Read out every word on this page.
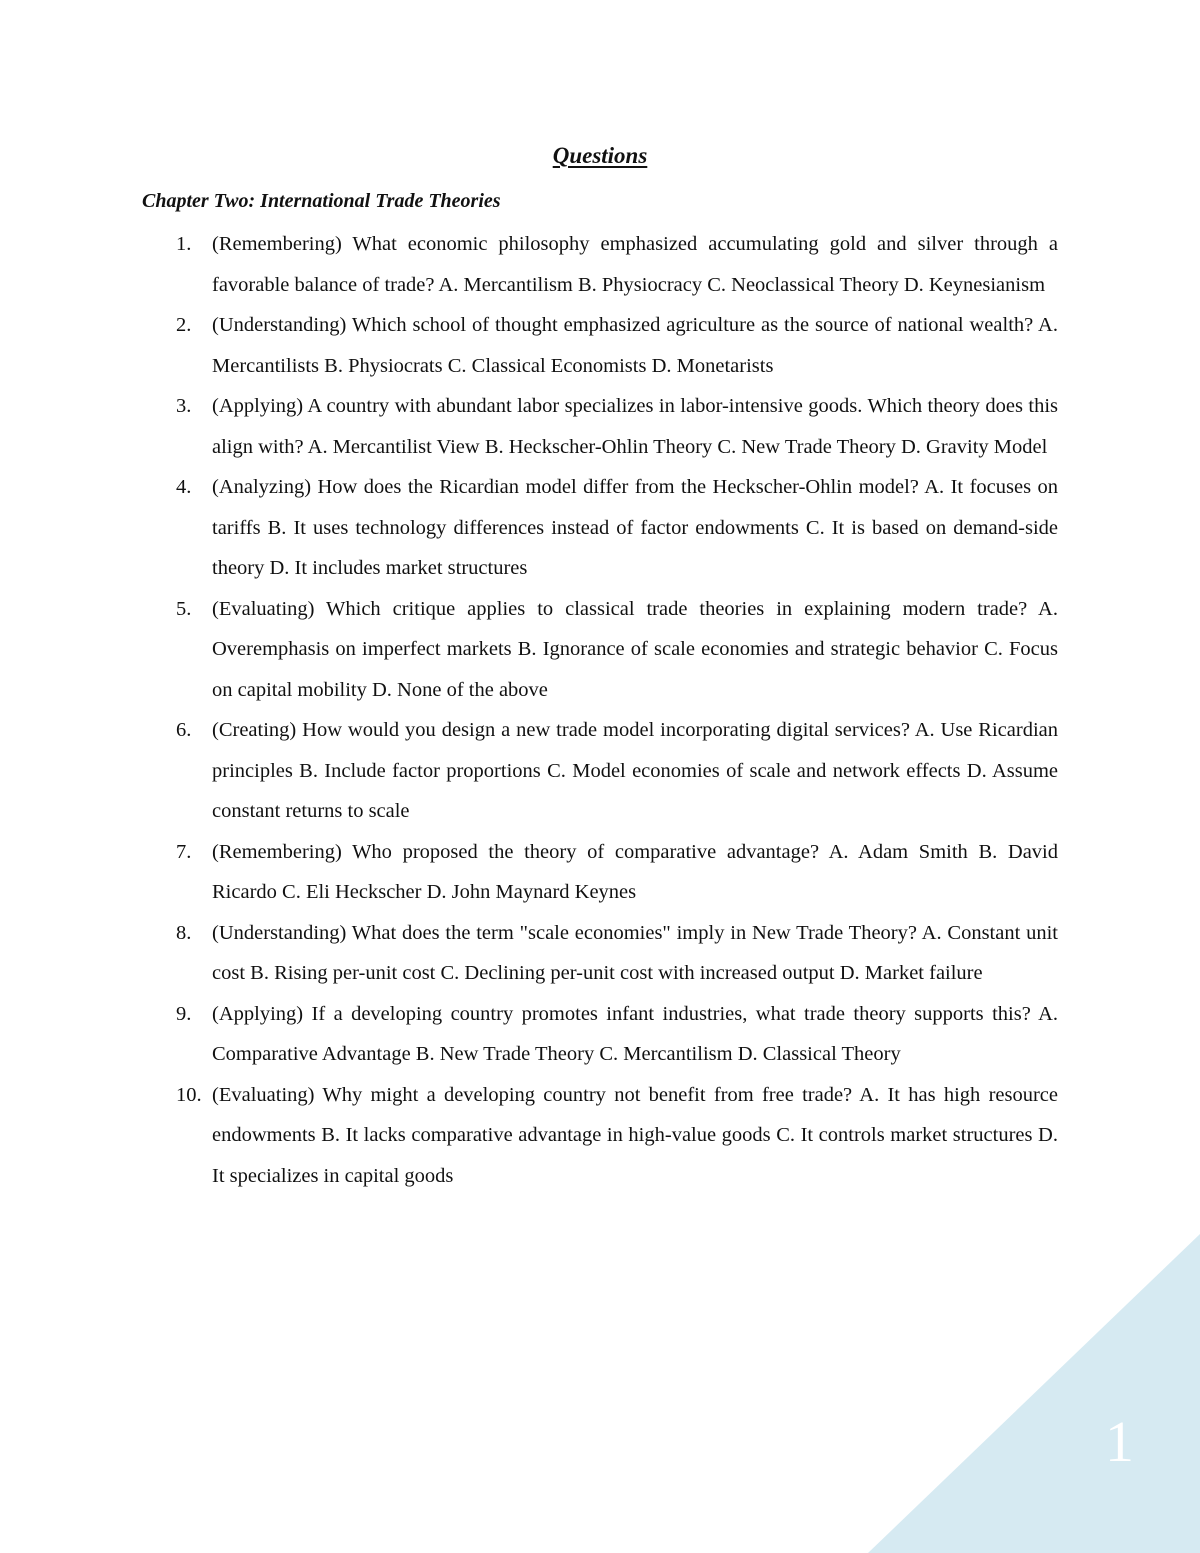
1
Questions
Chapter Two: International Trade Theories
1. (Remembering) What economic philosophy emphasized accumulating gold and silver through a favorable balance of trade? A. Mercantilism B. Physiocracy C. Neoclassical Theory D. Keynesianism
2. (Understanding) Which school of thought emphasized agriculture as the source of national wealth? A. Mercantilists B. Physiocrats C. Classical Economists D. Monetarists
3. (Applying) A country with abundant labor specializes in labor-intensive goods. Which theory does this align with? A. Mercantilist View B. Heckscher-Ohlin Theory C. New Trade Theory D. Gravity Model
4. (Analyzing) How does the Ricardian model differ from the Heckscher-Ohlin model? A. It focuses on tariffs B. It uses technology differences instead of factor endowments C. It is based on demand-side theory D. It includes market structures
5. (Evaluating) Which critique applies to classical trade theories in explaining modern trade? A. Overemphasis on imperfect markets B. Ignorance of scale economies and strategic behavior C. Focus on capital mobility D. None of the above
6. (Creating) How would you design a new trade model incorporating digital services? A. Use Ricardian principles B. Include factor proportions C. Model economies of scale and network effects D. Assume constant returns to scale
7. (Remembering) Who proposed the theory of comparative advantage? A. Adam Smith B. David Ricardo C. Eli Heckscher D. John Maynard Keynes
8. (Understanding) What does the term "scale economies" imply in New Trade Theory? A. Constant unit cost B. Rising per-unit cost C. Declining per-unit cost with increased output D. Market failure
9. (Applying) If a developing country promotes infant industries, what trade theory supports this? A. Comparative Advantage B. New Trade Theory C. Mercantilism D. Classical Theory
10. (Evaluating) Why might a developing country not benefit from free trade? A. It has high resource endowments B. It lacks comparative advantage in high-value goods C. It controls market structures D. It specializes in capital goods
